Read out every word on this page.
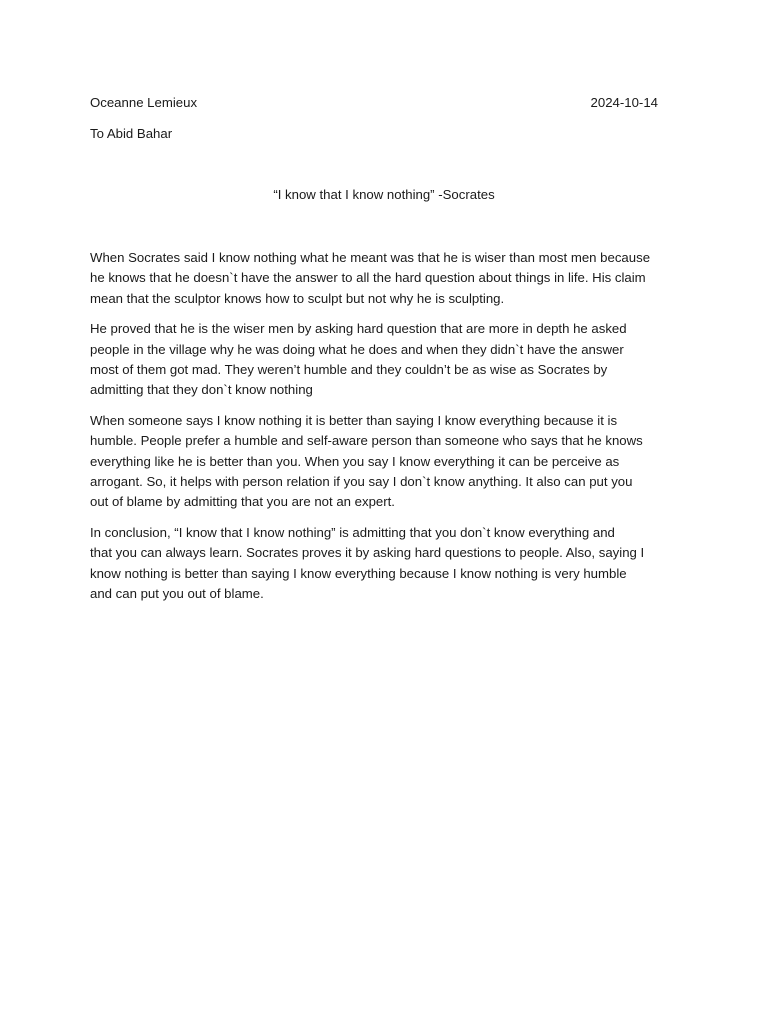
Oceanne Lemieux	2024-10-14
To Abid Bahar
“I know that I know nothing” -Socrates

When Socrates said I know nothing what he meant was that he is wiser than most men because
he knows that he doesn`t have the answer to all the hard question about things in life. His claim
mean that the sculptor knows how to sculpt but not why he is sculpting.

He proved that he is the wiser men by asking hard question that are more in depth he asked
people in the village why he was doing what he does and when they didn`t have the answer
most of them got mad. They weren’t humble and they couldn’t be as wise as Socrates by
admitting that they don`t know nothing

When someone says I know nothing it is better than saying I know everything because it is
humble. People prefer a humble and self-aware person than someone who says that he knows
everything like he is better than you. When you say I know everything it can be perceive as
arrogant. So, it helps with person relation if you say I don`t know anything. It also can put you
out of blame by admitting that you are not an expert.

In conclusion, “I know that I know nothing” is admitting that you don`t know everything and
that you can always learn. Socrates proves it by asking hard questions to people. Also, saying I
know nothing is better than saying I know everything because I know nothing is very humble
and can put you out of blame.
